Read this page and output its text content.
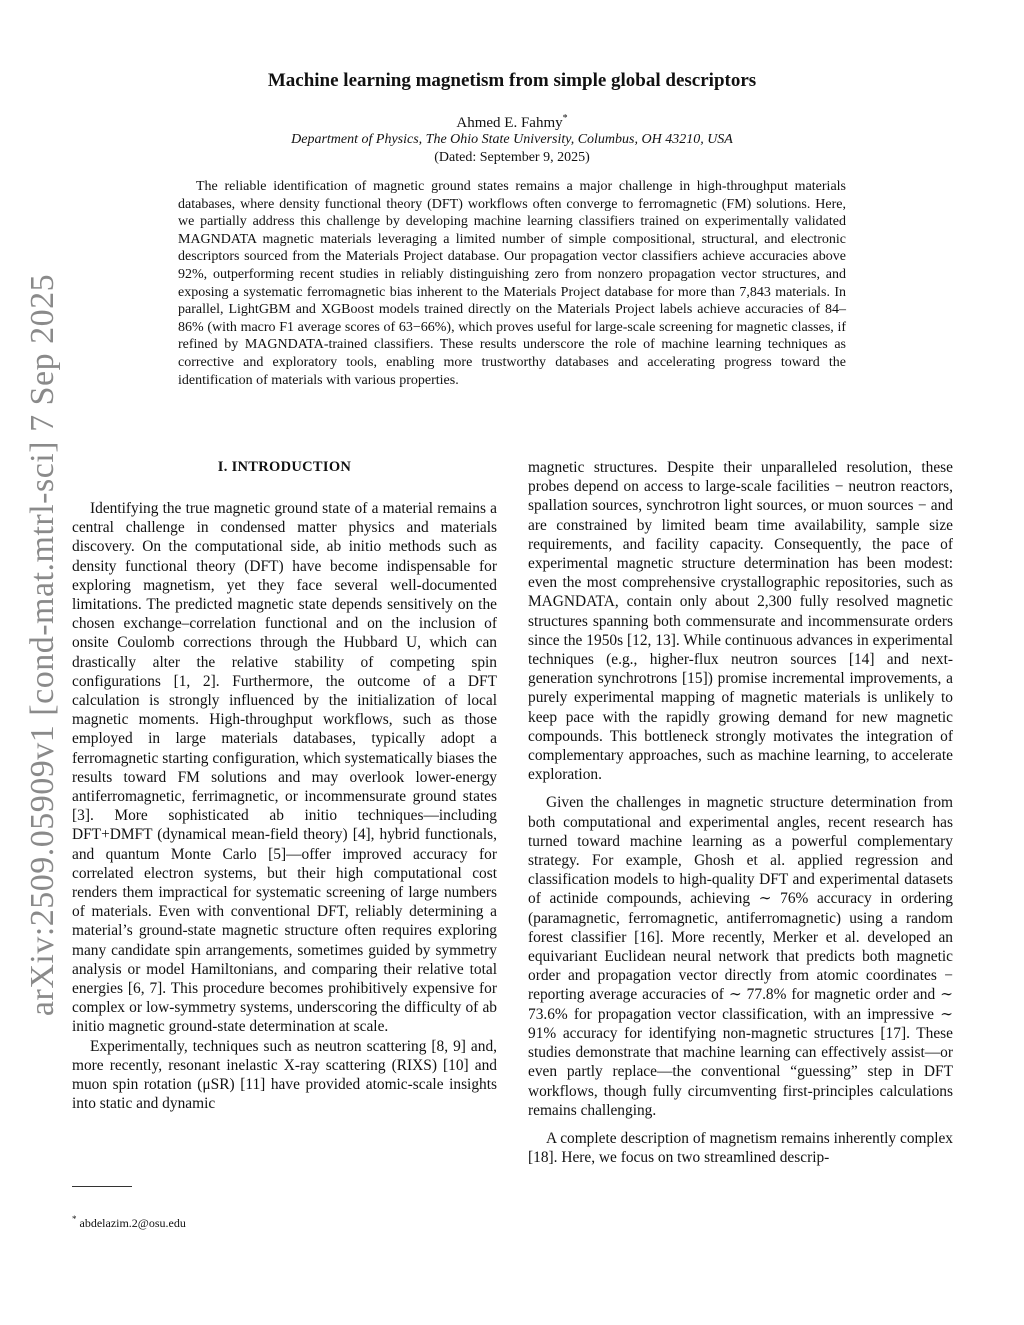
arXiv:2509.05909v1 [cond-mat.mtrl-sci] 7 Sep 2025
Machine learning magnetism from simple global descriptors
Ahmed E. Fahmy*
Department of Physics, The Ohio State University, Columbus, OH 43210, USA
(Dated: September 9, 2025)
The reliable identification of magnetic ground states remains a major challenge in high-throughput materials databases, where density functional theory (DFT) workflows often converge to ferromagnetic (FM) solutions. Here, we partially address this challenge by developing machine learning classifiers trained on experimentally validated MAGNDATA magnetic materials leveraging a limited number of simple compositional, structural, and electronic descriptors sourced from the Materials Project database. Our propagation vector classifiers achieve accuracies above 92%, outperforming recent studies in reliably distinguishing zero from nonzero propagation vector structures, and exposing a systematic ferromagnetic bias inherent to the Materials Project database for more than 7,843 materials. In parallel, LightGBM and XGBoost models trained directly on the Materials Project labels achieve accuracies of 84–86% (with macro F1 average scores of 63−66%), which proves useful for large-scale screening for magnetic classes, if refined by MAGNDATA-trained classifiers. These results underscore the role of machine learning techniques as corrective and exploratory tools, enabling more trustworthy databases and accelerating progress toward the identification of materials with various properties.
I. INTRODUCTION

Identifying the true magnetic ground state of a material remains a central challenge in condensed matter physics and materials discovery. On the computational side, ab initio methods such as density functional theory (DFT) have become indispensable for exploring magnetism, yet they face several well-documented limitations. The predicted magnetic state depends sensitively on the chosen exchange–correlation functional and on the inclusion of onsite Coulomb corrections through the Hubbard U, which can drastically alter the relative stability of competing spin configurations [1, 2]. Furthermore, the outcome of a DFT calculation is strongly influenced by the initialization of local magnetic moments. High-throughput workflows, such as those employed in large materials databases, typically adopt a ferromagnetic starting configuration, which systematically biases the results toward FM solutions and may overlook lower-energy antiferromagnetic, ferrimagnetic, or incommensurate ground states [3]. More sophisticated ab initio techniques—including DFT+DMFT (dynamical mean-field theory) [4], hybrid functionals, and quantum Monte Carlo [5]—offer improved accuracy for correlated electron systems, but their high computational cost renders them impractical for systematic screening of large numbers of materials. Even with conventional DFT, reliably determining a material’s ground-state magnetic structure often requires exploring many candidate spin arrangements, sometimes guided by symmetry analysis or model Hamiltonians, and comparing their relative total energies [6, 7]. This procedure becomes prohibitively expensive for complex or low-symmetry systems, underscoring the difficulty of ab initio magnetic ground-state determination at scale.

Experimentally, techniques such as neutron scattering [8, 9] and, more recently, resonant inelastic X-ray scattering (RIXS) [10] and muon spin rotation (μSR) [11] have provided atomic-scale insights into static and dynamic

magnetic structures. Despite their unparalleled resolution, these probes depend on access to large-scale facilities − neutron reactors, spallation sources, synchrotron light sources, or muon sources − and are constrained by limited beam time availability, sample size requirements, and facility capacity. Consequently, the pace of experimental magnetic structure determination has been modest: even the most comprehensive crystallographic repositories, such as MAGNDATA, contain only about 2,300 fully resolved magnetic structures spanning both commensurate and incommensurate orders since the 1950s [12, 13]. While continuous advances in experimental techniques (e.g., higher-flux neutron sources [14] and next-generation synchrotrons [15]) promise incremental improvements, a purely experimental mapping of magnetic materials is unlikely to keep pace with the rapidly growing demand for new magnetic compounds. This bottleneck strongly motivates the integration of complementary approaches, such as machine learning, to accelerate exploration.

Given the challenges in magnetic structure determination from both computational and experimental angles, recent research has turned toward machine learning as a powerful complementary strategy. For example, Ghosh et al. applied regression and classification models to high-quality DFT and experimental datasets of actinide compounds, achieving ∼ 76% accuracy in ordering (paramagnetic, ferromagnetic, antiferromagnetic) using a random forest classifier [16]. More recently, Merker et al. developed an equivariant Euclidean neural network that predicts both magnetic order and propagation vector directly from atomic coordinates − reporting average accuracies of ∼ 77.8% for magnetic order and ∼ 73.6% for propagation vector classification, with an impressive ∼ 91% accuracy for identifying non-magnetic structures [17]. These studies demonstrate that machine learning can effectively assist—or even partly replace—the conventional “guessing” step in DFT workflows, though fully circumventing first-principles calculations remains challenging.

A complete description of magnetism remains inherently complex [18]. Here, we focus on two streamlined descrip-

* abdelazim.2@osu.edu
